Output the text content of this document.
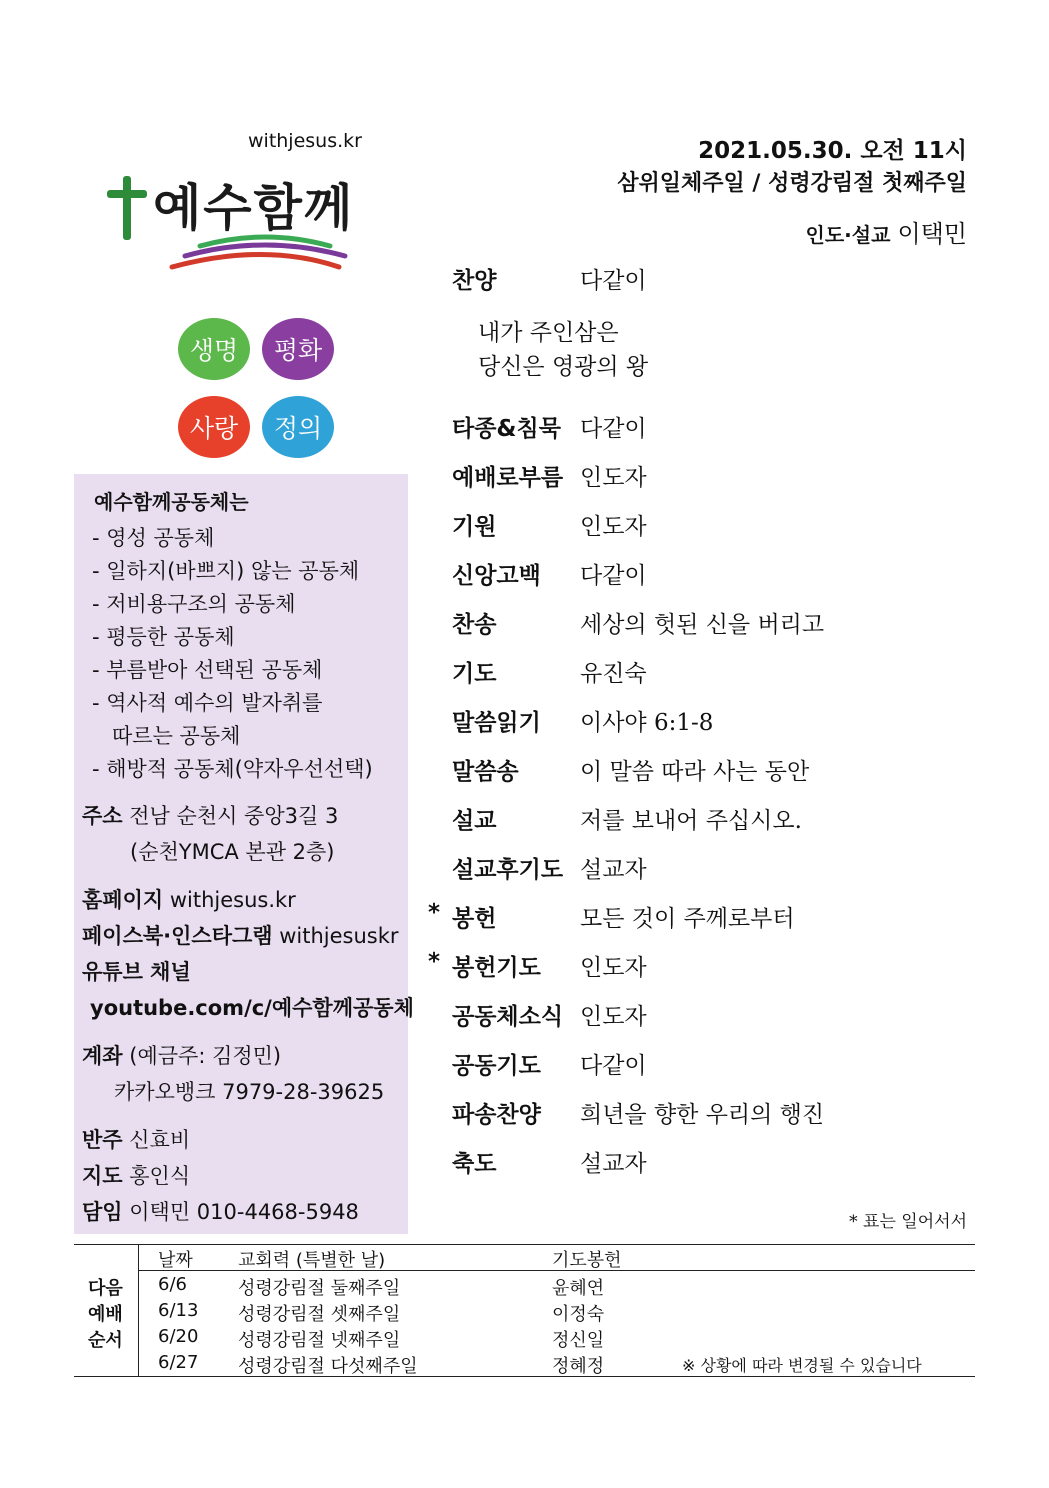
withjesus.kr
예수함께
생명	평화
사랑	정의
예수함께공동체는
- 영성 공동체
- 일하지(바쁘지) 않는 공동체
- 저비용구조의 공동체
- 평등한 공동체
- 부름받아 선택된 공동체
- 역사적 예수의 발자취를
따르는 공동체
- 해방적 공동체(약자우선선택)
주소 전남 순천시 중앙3길 3
(순천YMCA 본관 2층)
홈페이지 withjesus.kr
페이스북·인스타그램 withjesuskr
유튜브 채널
youtube.com/c/예수함께공동체
계좌 (예금주: 김정민)
카카오뱅크 7979-28-39625
반주 신효비
지도 홍인식
담임 이택민 010-4468-5948
2021.05.30. 오전 11시
삼위일체주일 / 성령강림절 첫째주일
인도·설교 이택민
찬양	다같이
내가 주인삼은
당신은 영광의 왕
타종&침묵 다같이
예배로부름 인도자
기원	인도자
신앙고백 다같이
찬송	세상의 헛된 신을 버리고
기도	유진숙
말씀읽기 이사야 6:1-8
말씀송	이 말씀 따라 사는 동안
설교	저를 보내어 주십시오.
설교후기도 설교자
* 봉헌	모든 것이 주께로부터
* 봉헌기도 인도자
공동체소식 인도자
공동기도 다같이
파송찬양 희년을 향한 우리의 행진
축도	설교자
* 표는 일어서서
다음
예배
순서
날짜	교회력 (특별한 날)	기도봉헌
6/6	성령강림절 둘째주일	윤혜연
6/13 성령강림절 셋째주일	이정숙
6/20 성령강림절 넷째주일	정신일
6/27 성령강림절 다섯째주일	정혜정	※ 상황에 따라 변경될 수 있습니다
